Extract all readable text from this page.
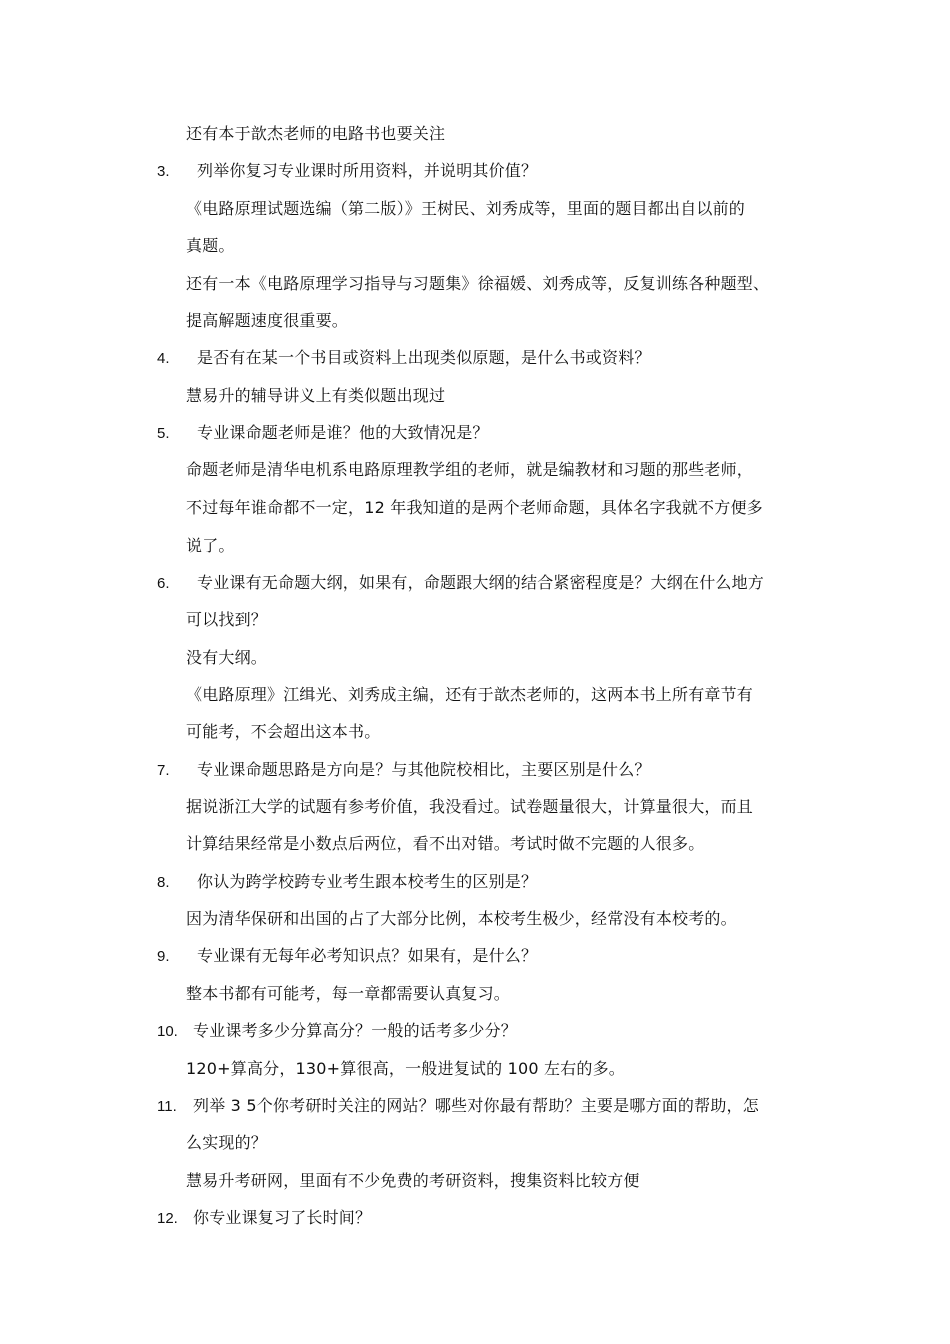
还有本于歆杰老师的电路书也要关注
3. 列举你复习专业课时所用资料，并说明其价值？
《电路原理试题选编（第二版）》王树民、刘秀成等，里面的题目都出自以前的
真题。
还有一本《电路原理学习指导与习题集》徐福媛、刘秀成等，反复训练各种题型、
提高解题速度很重要。
4. 是否有在某一个书目或资料上出现类似原题，是什么书或资料？
慧易升的辅导讲义上有类似题出现过
5. 专业课命题老师是谁？他的大致情况是？
命题老师是清华电机系电路原理教学组的老师，就是编教材和习题的那些老师，
不过每年谁命都不一定，12 年我知道的是两个老师命题，具体名字我就不方便多
说了。
6. 专业课有无命题大纲，如果有，命题跟大纲的结合紧密程度是？大纲在什么地方
可以找到？
没有大纲。
《电路原理》江缉光、刘秀成主编，还有于歆杰老师的，这两本书上所有章节有
可能考，不会超出这本书。
7. 专业课命题思路是方向是？与其他院校相比，主要区别是什么？
据说浙江大学的试题有参考价值，我没看过。试卷题量很大，计算量很大，而且
计算结果经常是小数点后两位，看不出对错。考试时做不完题的人很多。
8. 你认为跨学校跨专业考生跟本校考生的区别是？
因为清华保研和出国的占了大部分比例，本校考生极少，经常没有本校考的。
9. 专业课有无每年必考知识点？如果有，是什么？
整本书都有可能考，每一章都需要认真复习。
10. 专业课考多少分算高分？一般的话考多少分？
120+算高分，130+算很高，一般进复试的 100 左右的多。
11. 列举 3 5个你考研时关注的网站？哪些对你最有帮助？主要是哪方面的帮助，怎
么实现的？
慧易升考研网，里面有不少免费的考研资料，搜集资料比较方便
12. 你专业课复习了长时间？
